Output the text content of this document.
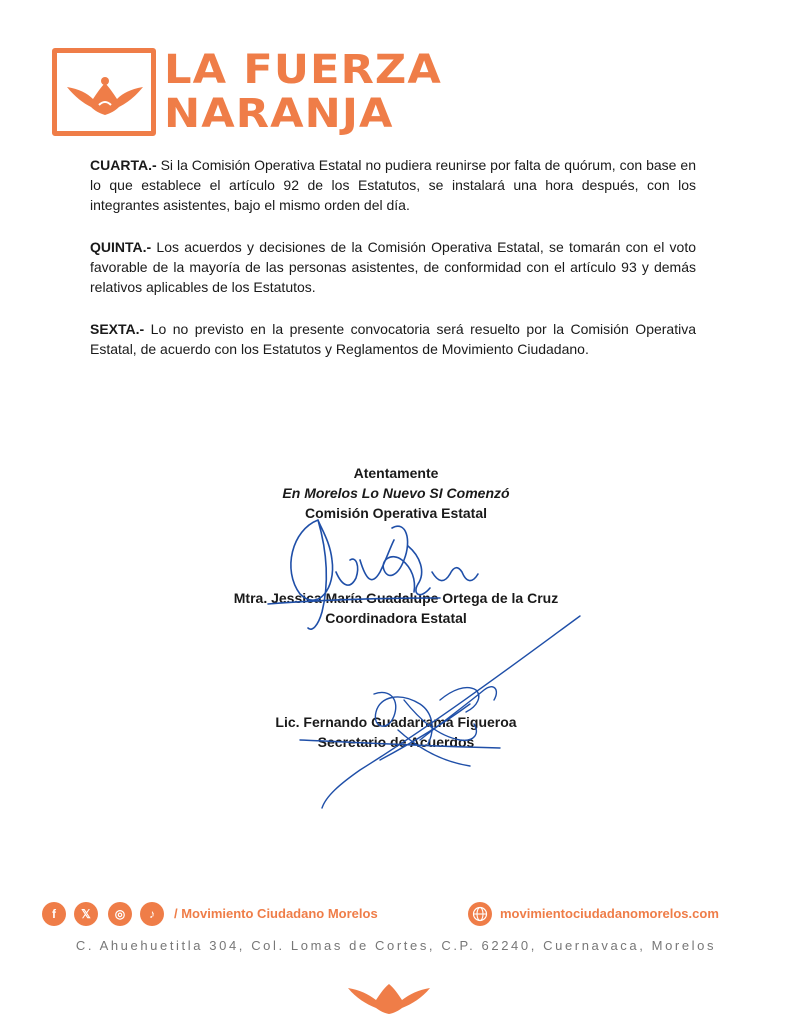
LA FUERZA
NARANJA
CUARTA.- Si la Comisión Operativa Estatal no pudiera reunirse por falta de quórum, con base en lo que establece el artículo 92 de los Estatutos, se instalará una hora después, con los integrantes asistentes, bajo el mismo orden del día.
QUINTA.- Los acuerdos y decisiones de la Comisión Operativa Estatal, se tomarán con el voto favorable de la mayoría de las personas asistentes, de conformidad con el artículo 93 y demás relativos aplicables de los Estatutos.
SEXTA.- Lo no previsto en la presente convocatoria será resuelto por la Comisión Operativa Estatal, de acuerdo con los Estatutos y Reglamentos de Movimiento Ciudadano.
Atentamente
En Morelos Lo Nuevo SI Comenzó
Comisión Operativa Estatal
Mtra. Jessica María Guadalupe Ortega de la Cruz
Coordinadora Estatal
Lic. Fernando Guadarrama Figueroa
Secretario de Acuerdos
f 𝕏 ◎ ♪ / Movimiento Ciudadano Morelos	movimientociudadanomorelos.com
C. Ahuehuetitla 304, Col. Lomas de Cortes, C.P. 62240, Cuernavaca, Morelos
